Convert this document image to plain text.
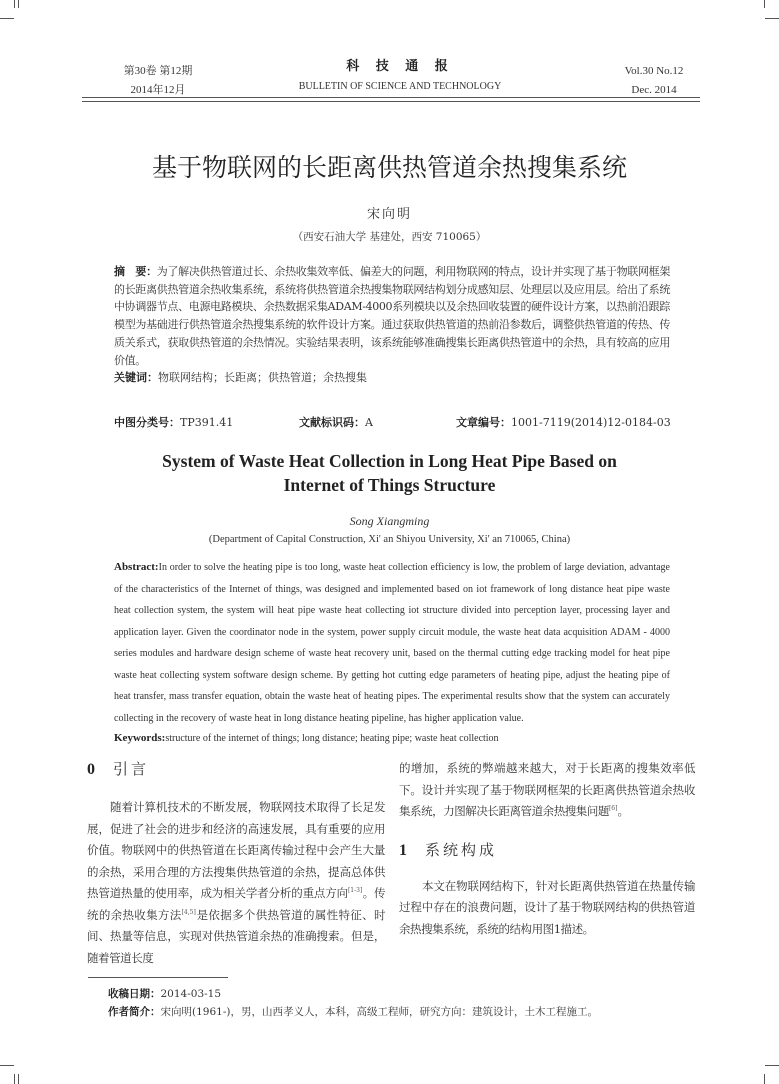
第30卷 第12期
2014年12月
科 技 通 报
BULLETIN OF SCIENCE AND TECHNOLOGY
Vol.30 No.12
Dec. 2014
基于物联网的长距离供热管道余热搜集系统
宋向明
（西安石油大学 基建处，西安 710065）
摘　要：为了解决供热管道过长、余热收集效率低、偏差大的问题，利用物联网的特点，设计并实现了基于物联网框架的长距离供热管道余热收集系统，系统将供热管道余热搜集物联网结构划分成感知层、处理层以及应用层。给出了系统中协调器节点、电源电路模块、余热数据采集ADAM-4000系列模块以及余热回收装置的硬件设计方案，以热前沿跟踪模型为基础进行供热管道余热搜集系统的软件设计方案。通过获取供热管道的热前沿参数后，调整供热管道的传热、传质关系式，获取供热管道的余热情况。实验结果表明，该系统能够准确搜集长距离供热管道中的余热，具有较高的应用价值。
关键词：物联网结构；长距离；供热管道；余热搜集
中图分类号：TP391.41	文献标识码：A	文章编号：1001-7119(2014)12-0184-03
System of Waste Heat Collection in Long Heat Pipe Based on
Internet of Things Structure
Song Xiangming
(Department of Capital Construction, Xi' an Shiyou University, Xi' an 710065, China)
Abstract:In order to solve the heating pipe is too long, waste heat collection efficiency is low, the problem of large deviation, advantage of the characteristics of the Internet of things, was designed and implemented based on iot framework of long distance heat pipe waste heat collection system, the system will heat pipe waste heat collecting iot structure divided into perception layer, processing layer and application layer. Given the coordinator node in the system, power supply circuit module, the waste heat data acquisition ADAM - 4000 series modules and hardware design scheme of waste heat recovery unit, based on the thermal cutting edge tracking model for heat pipe waste heat collecting system software design scheme. By getting hot cutting edge parameters of heating pipe, adjust the heating pipe of heat transfer, mass transfer equation, obtain the waste heat of heating pipes. The experimental results show that the system can accurately collecting in the recovery of waste heat in long distance heating pipeline, has higher application value.
Keywords:structure of the internet of things; long distance; heating pipe; waste heat collection
0 引言
随着计算机技术的不断发展，物联网技术取得了长足发展，促进了社会的进步和经济的高速发展，具有重要的应用价值。物联网中的供热管道在长距离传输过程中会产生大量的余热，采用合理的方法搜集供热管道的余热，提高总体供热管道热量的使用率，成为相关学者分析的重点方向[1-3]。传统的余热收集方法[4,5]是依据多个供热管道的属性特征、时间、热量等信息，实现对供热管道余热的准确搜索。但是，随着管道长度
的增加，系统的弊端越来越大，对于长距离的搜集效率低下。设计并实现了基于物联网框架的长距离供热管道余热收集系统，力图解决长距离管道余热搜集问题[6]。
1 系统构成
本文在物联网结构下，针对长距离供热管道在热量传输过程中存在的浪费问题，设计了基于物联网结构的供热管道余热搜集系统，系统的结构用图1描述。
收稿日期：2014-03-15
作者简介：宋向明(1961-)，男，山西孝义人，本科，高级工程师，研究方向：建筑设计，土木工程施工。
